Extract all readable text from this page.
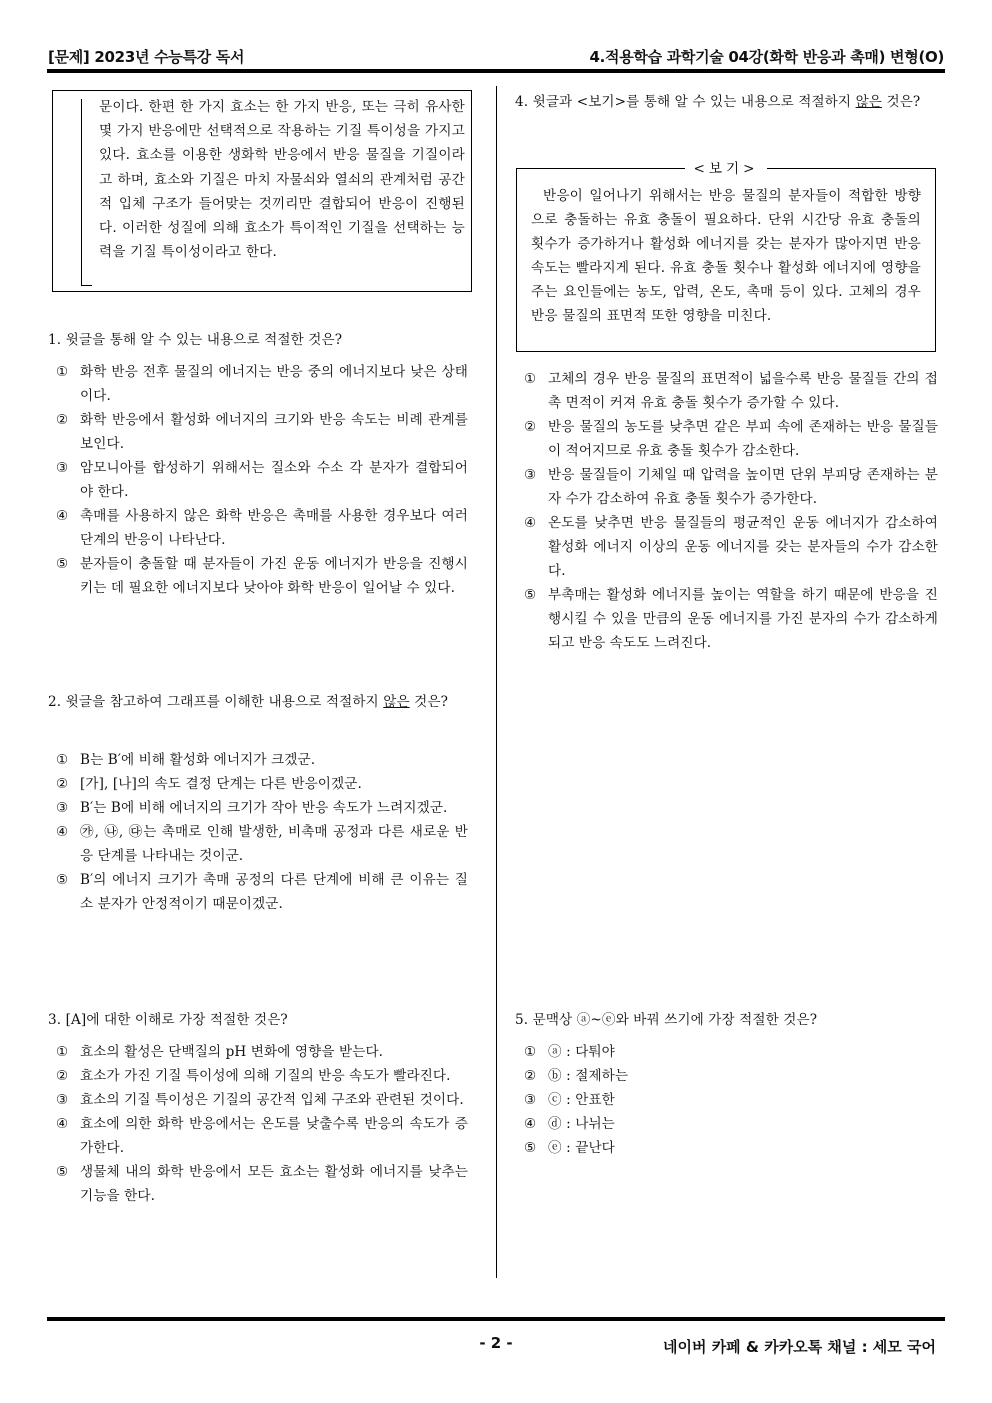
[문제] 2023년 수능특강 독서	4.적용학습 과학기술 04강(화학 반응과 촉매) 변형(O)
문이다. 한편 한 가지 효소는 한 가지 반응, 또는 극히 유사한 몇 가지 반응에만 선택적으로 작용하는 기질 특이성을 가지고 있다. 효소를 이용한 생화학 반응에서 반응 물질을 기질이라고 하며, 효소와 기질은 마치 자물쇠와 열쇠의 관계처럼 공간적 입체 구조가 들어맞는 것끼리만 결합되어 반응이 진행된다. 이러한 성질에 의해 효소가 특이적인 기질을 선택하는 능력을 기질 특이성이라고 한다.
1. 윗글을 통해 알 수 있는 내용으로 적절한 것은?
① 화학 반응 전후 물질의 에너지는 반응 중의 에너지보다 낮은 상태이다.
② 화학 반응에서 활성화 에너지의 크기와 반응 속도는 비례 관계를 보인다.
③ 암모니아를 합성하기 위해서는 질소와 수소 각 분자가 결합되어야 한다.
④ 촉매를 사용하지 않은 화학 반응은 촉매를 사용한 경우보다 여러 단계의 반응이 나타난다.
⑤ 분자들이 충돌할 때 분자들이 가진 운동 에너지가 반응을 진행시키는 데 필요한 에너지보다 낮아야 화학 반응이 일어날 수 있다.
2. 윗글을 참고하여 그래프를 이해한 내용으로 적절하지 않은 것은?
① B는 B′에 비해 활성화 에너지가 크겠군.
② [가], [나]의 속도 결정 단계는 다른 반응이겠군.
③ B′는 B에 비해 에너지의 크기가 작아 반응 속도가 느려지겠군.
④ ㉮, ㉯, ㉰는 촉매로 인해 발생한, 비촉매 공정과 다른 새로운 반응 단계를 나타내는 것이군.
⑤ B′의 에너지 크기가 촉매 공정의 다른 단계에 비해 큰 이유는 질소 분자가 안정적이기 때문이겠군.
3. [A]에 대한 이해로 가장 적절한 것은?
① 효소의 활성은 단백질의 pH 변화에 영향을 받는다.
② 효소가 가진 기질 특이성에 의해 기질의 반응 속도가 빨라진다.
③ 효소의 기질 특이성은 기질의 공간적 입체 구조와 관련된 것이다.
④ 효소에 의한 화학 반응에서는 온도를 낮출수록 반응의 속도가 증가한다.
⑤ 생물체 내의 화학 반응에서 모든 효소는 활성화 에너지를 낮추는 기능을 한다.
4. 윗글과 <보기>를 통해 알 수 있는 내용으로 적절하지 않은 것은?
<보기>
반응이 일어나기 위해서는 반응 물질의 분자들이 적합한 방향으로 충돌하는 유효 충돌이 필요하다. 단위 시간당 유효 충돌의 횟수가 증가하거나 활성화 에너지를 갖는 분자가 많아지면 반응 속도는 빨라지게 된다. 유효 충돌 횟수나 활성화 에너지에 영향을 주는 요인들에는 농도, 압력, 온도, 촉매 등이 있다. 고체의 경우 반응 물질의 표면적 또한 영향을 미친다.
① 고체의 경우 반응 물질의 표면적이 넓을수록 반응 물질들 간의 접촉 면적이 커져 유효 충돌 횟수가 증가할 수 있다.
② 반응 물질의 농도를 낮추면 같은 부피 속에 존재하는 반응 물질들이 적어지므로 유효 충돌 횟수가 감소한다.
③ 반응 물질들이 기체일 때 압력을 높이면 단위 부피당 존재하는 분자 수가 감소하여 유효 충돌 횟수가 증가한다.
④ 온도를 낮추면 반응 물질들의 평균적인 운동 에너지가 감소하여 활성화 에너지 이상의 운동 에너지를 갖는 분자들의 수가 감소한다.
⑤ 부촉매는 활성화 에너지를 높이는 역할을 하기 때문에 반응을 진행시킬 수 있을 만큼의 운동 에너지를 가진 분자의 수가 감소하게 되고 반응 속도도 느려진다.
5. 문맥상 ⓐ~ⓔ와 바꿔 쓰기에 가장 적절한 것은?
① ⓐ : 다퉈야
② ⓑ : 절제하는
③ ⓒ : 안표한
④ ⓓ : 나뉘는
⑤ ⓔ : 끝난다
- 2 -	네이버 카페 & 카카오톡 채널 : 세모 국어
